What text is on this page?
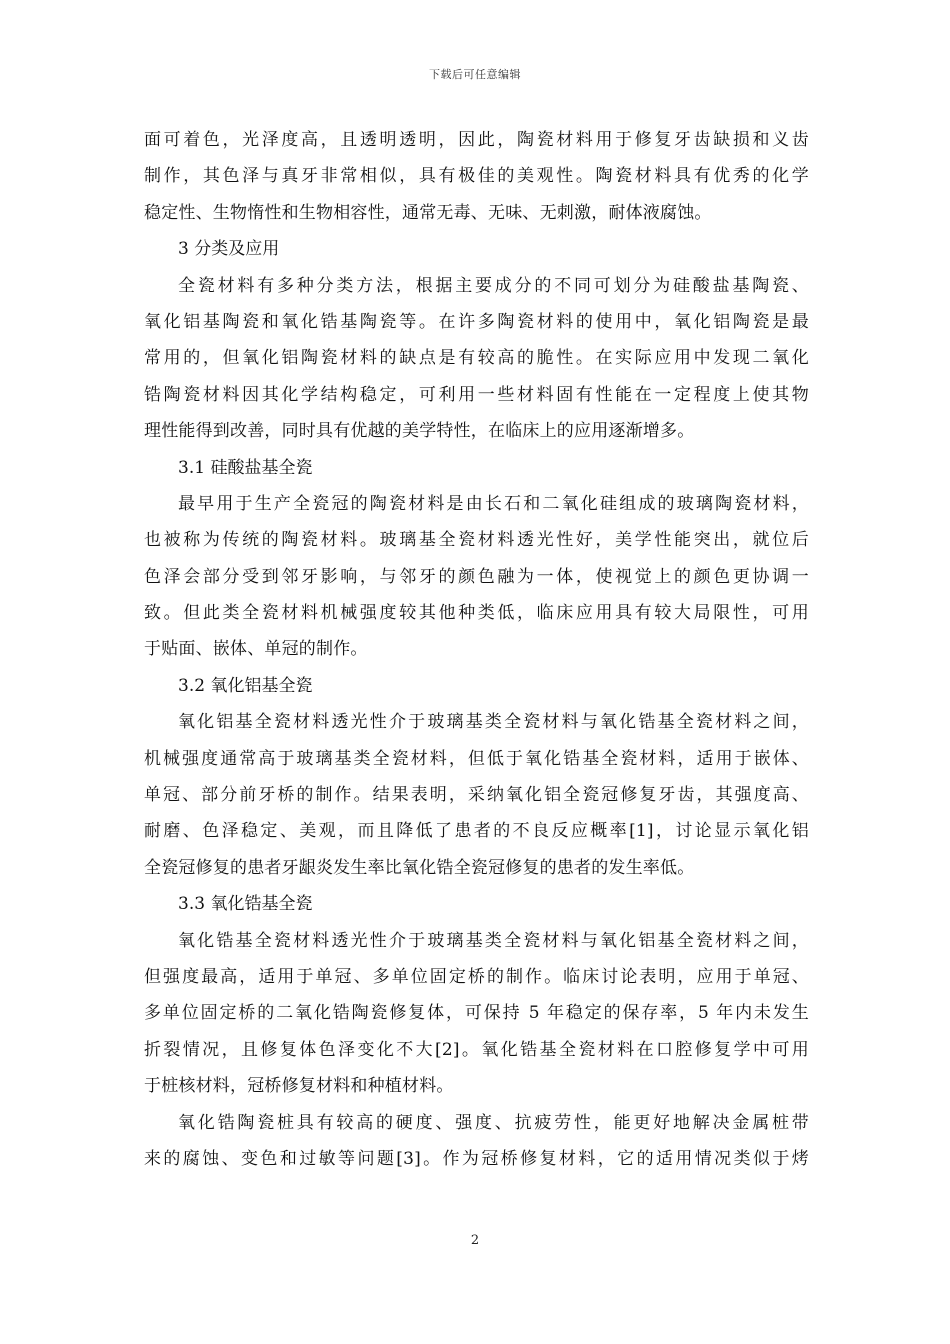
下载后可任意编辑
面可着色，光泽度高，且透明透明，因此，陶瓷材料用于修复牙齿缺损和义齿
制作，其色泽与真牙非常相似，具有极佳的美观性。陶瓷材料具有优秀的化学
稳定性、生物惰性和生物相容性，通常无毒、无味、无刺激，耐体液腐蚀。
3 分类及应用
全瓷材料有多种分类方法，根据主要成分的不同可划分为硅酸盐基陶瓷、
氧化铝基陶瓷和氧化锆基陶瓷等。在许多陶瓷材料的使用中，氧化铝陶瓷是最
常用的，但氧化铝陶瓷材料的缺点是有较高的脆性。在实际应用中发现二氧化
锆陶瓷材料因其化学结构稳定，可利用一些材料固有性能在一定程度上使其物
理性能得到改善，同时具有优越的美学特性，在临床上的应用逐渐增多。
3.1 硅酸盐基全瓷
最早用于生产全瓷冠的陶瓷材料是由长石和二氧化硅组成的玻璃陶瓷材料，
也被称为传统的陶瓷材料。玻璃基全瓷材料透光性好，美学性能突出，就位后
色泽会部分受到邻牙影响，与邻牙的颜色融为一体，使视觉上的颜色更协调一
致。但此类全瓷材料机械强度较其他种类低，临床应用具有较大局限性，可用
于贴面、嵌体、单冠的制作。
3.2 氧化铝基全瓷
氧化铝基全瓷材料透光性介于玻璃基类全瓷材料与氧化锆基全瓷材料之间，
机械强度通常高于玻璃基类全瓷材料，但低于氧化锆基全瓷材料，适用于嵌体、
单冠、部分前牙桥的制作。结果表明，采纳氧化铝全瓷冠修复牙齿，其强度高、
耐磨、色泽稳定、美观，而且降低了患者的不良反应概率[1]，讨论显示氧化铝
全瓷冠修复的患者牙龈炎发生率比氧化锆全瓷冠修复的患者的发生率低。
3.3 氧化锆基全瓷
氧化锆基全瓷材料透光性介于玻璃基类全瓷材料与氧化铝基全瓷材料之间，
但强度最高，适用于单冠、多单位固定桥的制作。临床讨论表明，应用于单冠、
多单位固定桥的二氧化锆陶瓷修复体，可保持 5 年稳定的保存率，5 年内未发生
折裂情况，且修复体色泽变化不大[2]。氧化锆基全瓷材料在口腔修复学中可用
于桩核材料，冠桥修复材料和种植材料。
氧化锆陶瓷桩具有较高的硬度、强度、抗疲劳性，能更好地解决金属桩带
来的腐蚀、变色和过敏等问题[3]。作为冠桥修复材料，它的适用情况类似于烤
2
